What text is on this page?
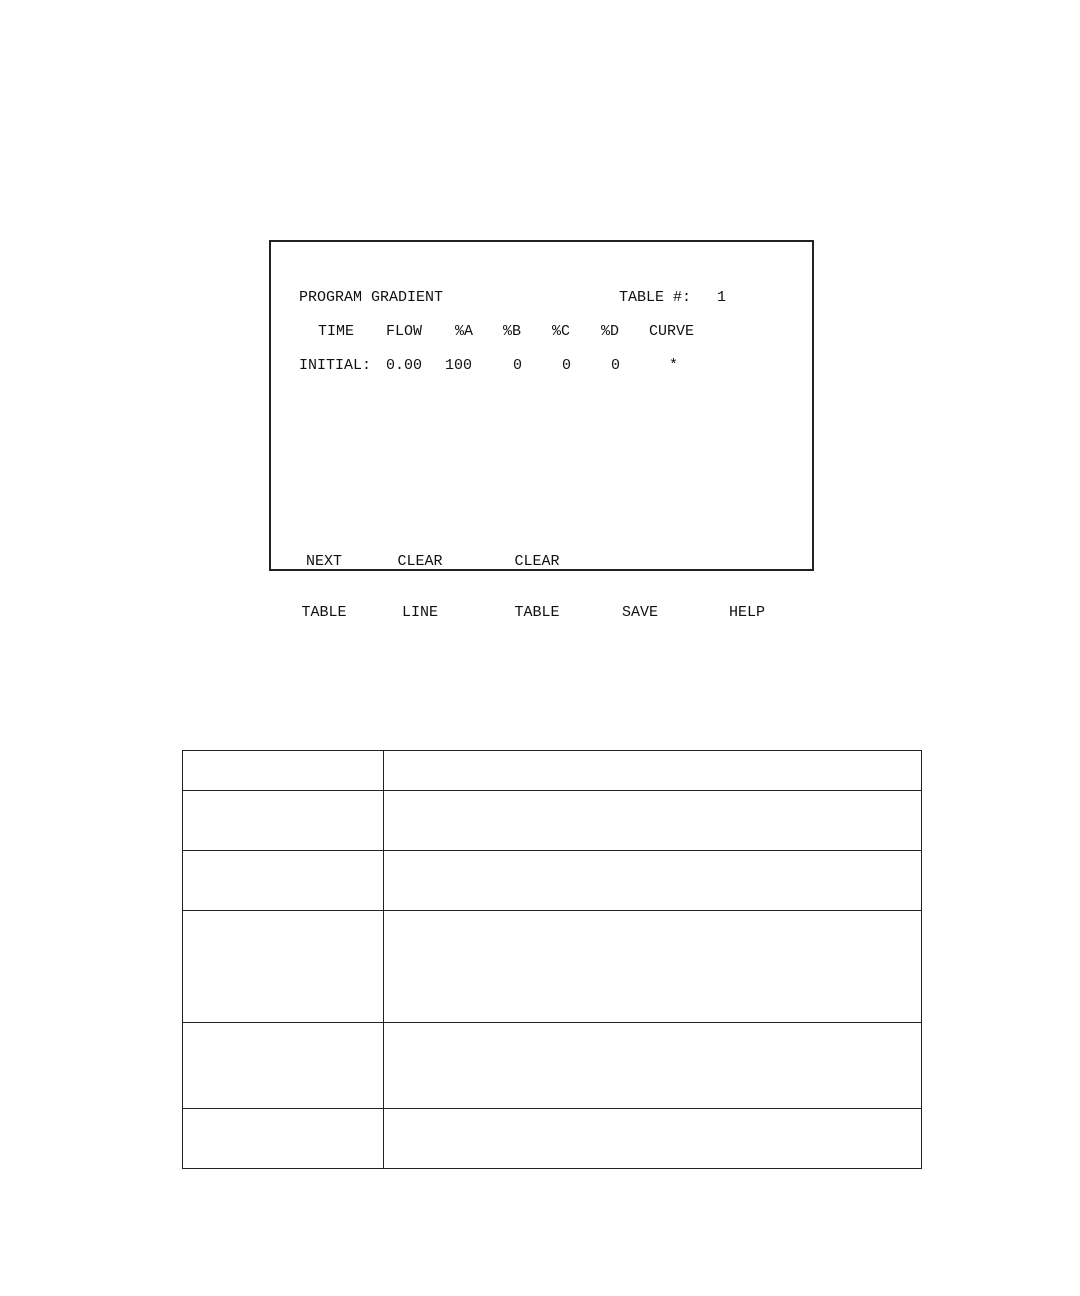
PROGRAM GRADIENT	TABLE #: 1
TIME FLOW %A %B %C %D CURVE
INITIAL: 0.00 100	0	0	0	*

NEXT

TABLE

CLEAR

LINE

CLEAR

TABLE

	SAVE

	HELP
